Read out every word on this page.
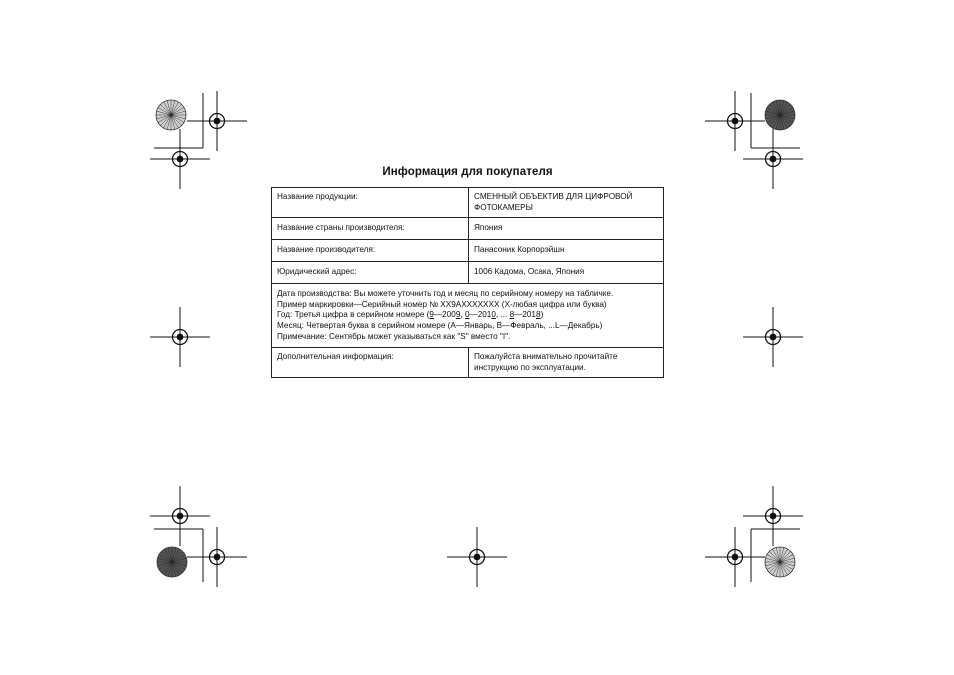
Информация для покупателя
Название продукции:	СМЕННЫЙ ОБЪЕКТИВ ДЛЯ ЦИФРОВОЙ ФОТОКАМЕРЫ
Название страны производителя:	Япония
Название производителя:	Панасоник Корпорэйшн
Юридический адрес:	1006 Кадома, Осака, Япония

Дата производства: Вы можете уточнить год и месяц по серийному номеру на табличке.
Пример маркировки—Серийный номер № XX9AXXXXXXX (X-любая цифра или буква)
Год: Третья цифра в серийном номере (9—2009, 0—2010, ... 8—2018)
Месяц: Четвертая буква в серийном номере (A—Январь, B—Февраль, ...L—Декабрь)
Примечание: Сентябрь может указываться как "S" вместо "I".	

Дополнительная информация:	Пожалуйста внимательно прочитайте
инструкцию по эксплуатации.
